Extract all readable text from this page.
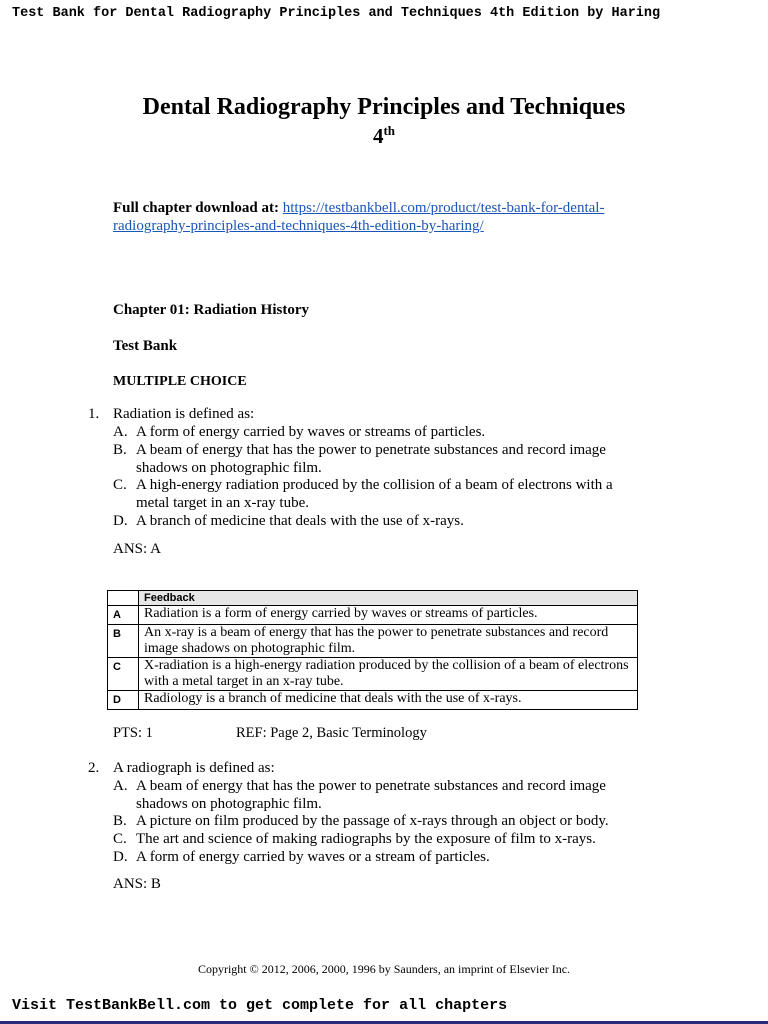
Test Bank for Dental Radiography Principles and Techniques 4th Edition by Haring
Dental Radiography Principles and Techniques
4th
Full chapter download at: https://testbankbell.com/product/test-bank-for-dental-
radiography-principles-and-techniques-4th-edition-by-haring/
Chapter 01: Radiation History
Test Bank
MULTIPLE CHOICE
1. Radiation is defined as:
A. A form of energy carried by waves or streams of particles.
B. A beam of energy that has the power to penetrate substances and record image shadows on photographic film.
C. A high-energy radiation produced by the collision of a beam of electrons with a metal target in an x-ray tube.
D. A branch of medicine that deals with the use of x-rays.
ANS: A
	Feedback
A	Radiation is a form of energy carried by waves or streams of particles.
B	An x-ray is a beam of energy that has the power to penetrate substances and record image shadows on photographic film.
C	X-radiation is a high-energy radiation produced by the collision of a beam of electrons with a metal target in an x-ray tube.
D	Radiology is a branch of medicine that deals with the use of x-rays.
PTS: 1	REF: Page 2, Basic Terminology
2. A radiograph is defined as:
A. A beam of energy that has the power to penetrate substances and record image shadows on photographic film.
B. A picture on film produced by the passage of x-rays through an object or body.
C. The art and science of making radiographs by the exposure of film to x-rays.
D. A form of energy carried by waves or a stream of particles.
ANS: B
Copyright © 2012, 2006, 2000, 1996 by Saunders, an imprint of Elsevier Inc.
Visit TestBankBell.com to get complete for all chapters
